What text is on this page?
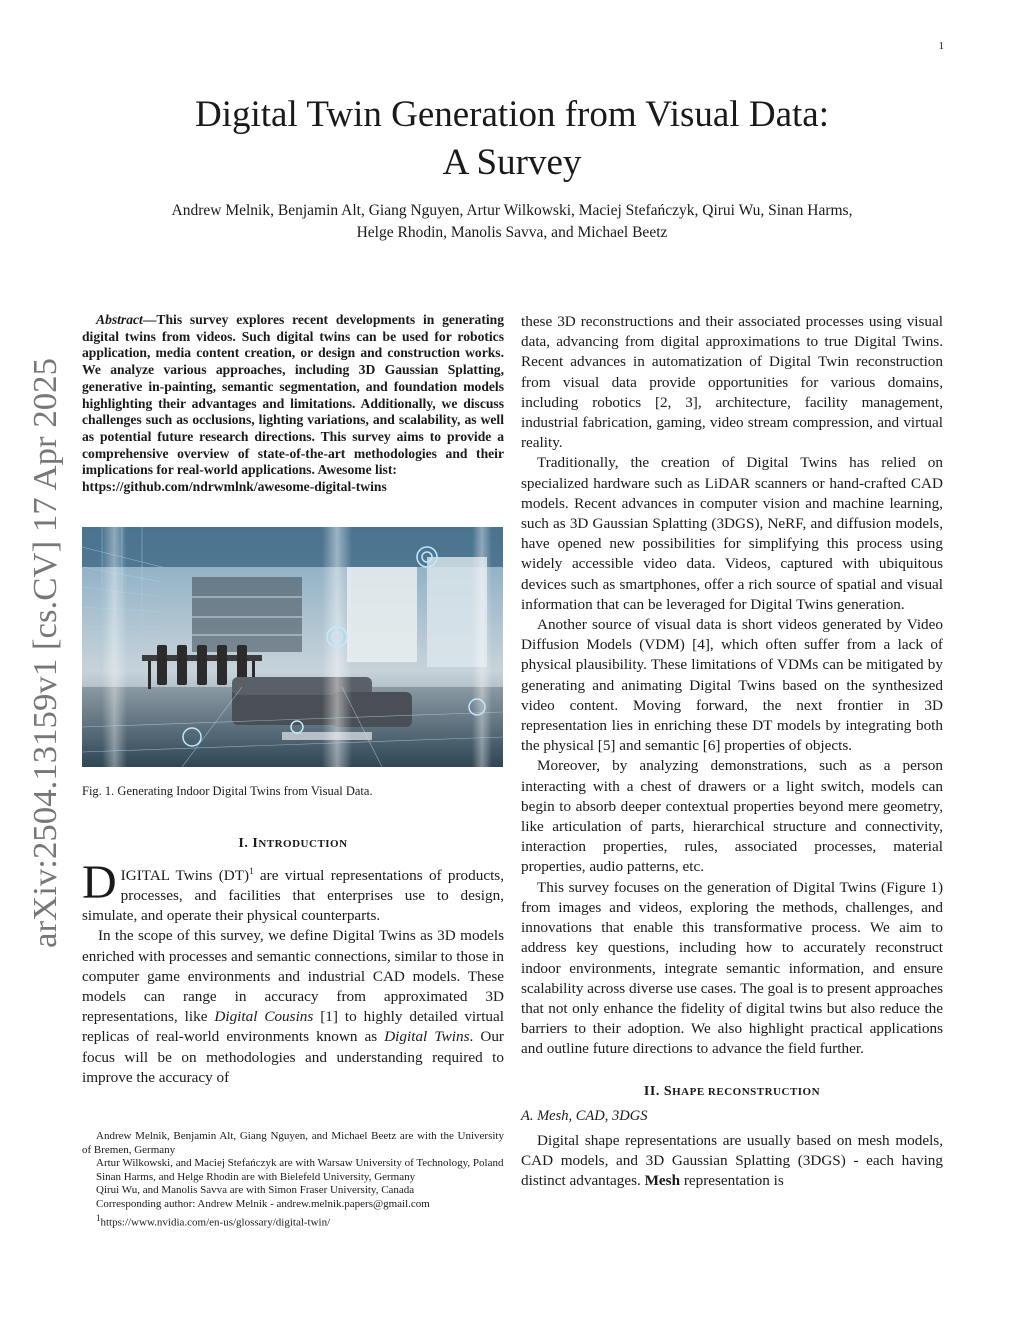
1
arXiv:2504.13159v1 [cs.CV] 17 Apr 2025
Digital Twin Generation from Visual Data:
A Survey
Andrew Melnik, Benjamin Alt, Giang Nguyen, Artur Wilkowski, Maciej Stefańczyk, Qirui Wu, Sinan Harms,
Helge Rhodin, Manolis Savva, and Michael Beetz

Abstract—This survey explores recent developments in generating digital twins from videos. Such digital twins can be used for robotics application, media content creation, or design and construction works. We analyze various approaches, including 3D Gaussian Splatting, generative in-painting, semantic segmentation, and foundation models highlighting their advantages and limitations. Additionally, we discuss challenges such as occlusions, lighting variations, and scalability, as well as potential future research directions. This survey aims to provide a comprehensive overview of state-of-the-art methodologies and their implications for real-world applications. Awesome list:

https://github.com/ndrwmlnk/awesome-digital-twins

Fig. 1. Generating Indoor Digital Twins from Visual Data.
I. INTRODUCTION

DIGITAL Twins (DT)$^1$ are virtual representations of products, processes, and facilities that enterprises use to design, simulate, and operate their physical counterparts.

In the scope of this survey, we define Digital Twins as 3D models enriched with processes and semantic connections, similar to those in computer game environments and industrial CAD models. These models can range in accuracy from approximated 3D representations, like Digital Cousins [1] to highly detailed virtual replicas of real-world environments known as Digital Twins. Our focus will be on methodologies and understanding required to improve the accuracy of

Andrew Melnik, Benjamin Alt, Giang Nguyen, and Michael Beetz are with the University of Bremen, Germany

Artur Wilkowski, and Maciej Stefańczyk are with Warsaw University of Technology, Poland

Sinan Harms, and Helge Rhodin are with Bielefeld University, Germany

Qirui Wu, and Manolis Savva are with Simon Fraser University, Canada

Corresponding author: Andrew Melnik - andrew.melnik.papers@gmail.com

$^1$https://www.nvidia.com/en-us/glossary/digital-twin/

these 3D reconstructions and their associated processes using visual data, advancing from digital approximations to true Digital Twins. Recent advances in automatization of Digital Twin reconstruction from visual data provide opportunities for various domains, including robotics [2, 3], architecture, facility management, industrial fabrication, gaming, video stream compression, and virtual reality.

Traditionally, the creation of Digital Twins has relied on specialized hardware such as LiDAR scanners or hand-crafted CAD models. Recent advances in computer vision and machine learning, such as 3D Gaussian Splatting (3DGS), NeRF, and diffusion models, have opened new possibilities for simplifying this process using widely accessible video data. Videos, captured with ubiquitous devices such as smartphones, offer a rich source of spatial and visual information that can be leveraged for Digital Twins generation.

Another source of visual data is short videos generated by Video Diffusion Models (VDM) [4], which often suffer from a lack of physical plausibility. These limitations of VDMs can be mitigated by generating and animating Digital Twins based on the synthesized video content. Moving forward, the next frontier in 3D representation lies in enriching these DT models by integrating both the physical [5] and semantic [6] properties of objects.

Moreover, by analyzing demonstrations, such as a person interacting with a chest of drawers or a light switch, models can begin to absorb deeper contextual properties beyond mere geometry, like articulation of parts, hierarchical structure and connectivity, interaction properties, rules, associated processes, material properties, audio patterns, etc.

This survey focuses on the generation of Digital Twins (Figure 1) from images and videos, exploring the methods, challenges, and innovations that enable this transformative process. We aim to address key questions, including how to accurately reconstruct indoor environments, integrate semantic information, and ensure scalability across diverse use cases. The goal is to present approaches that not only enhance the fidelity of digital twins but also reduce the barriers to their adoption. We also highlight practical applications and outline future directions to advance the field further.

II. SHAPE RECONSTRUCTION

A. Mesh, CAD, 3DGS

Digital shape representations are usually based on mesh models, CAD models, and 3D Gaussian Splatting (3DGS) - each having distinct advantages. Mesh representation is
